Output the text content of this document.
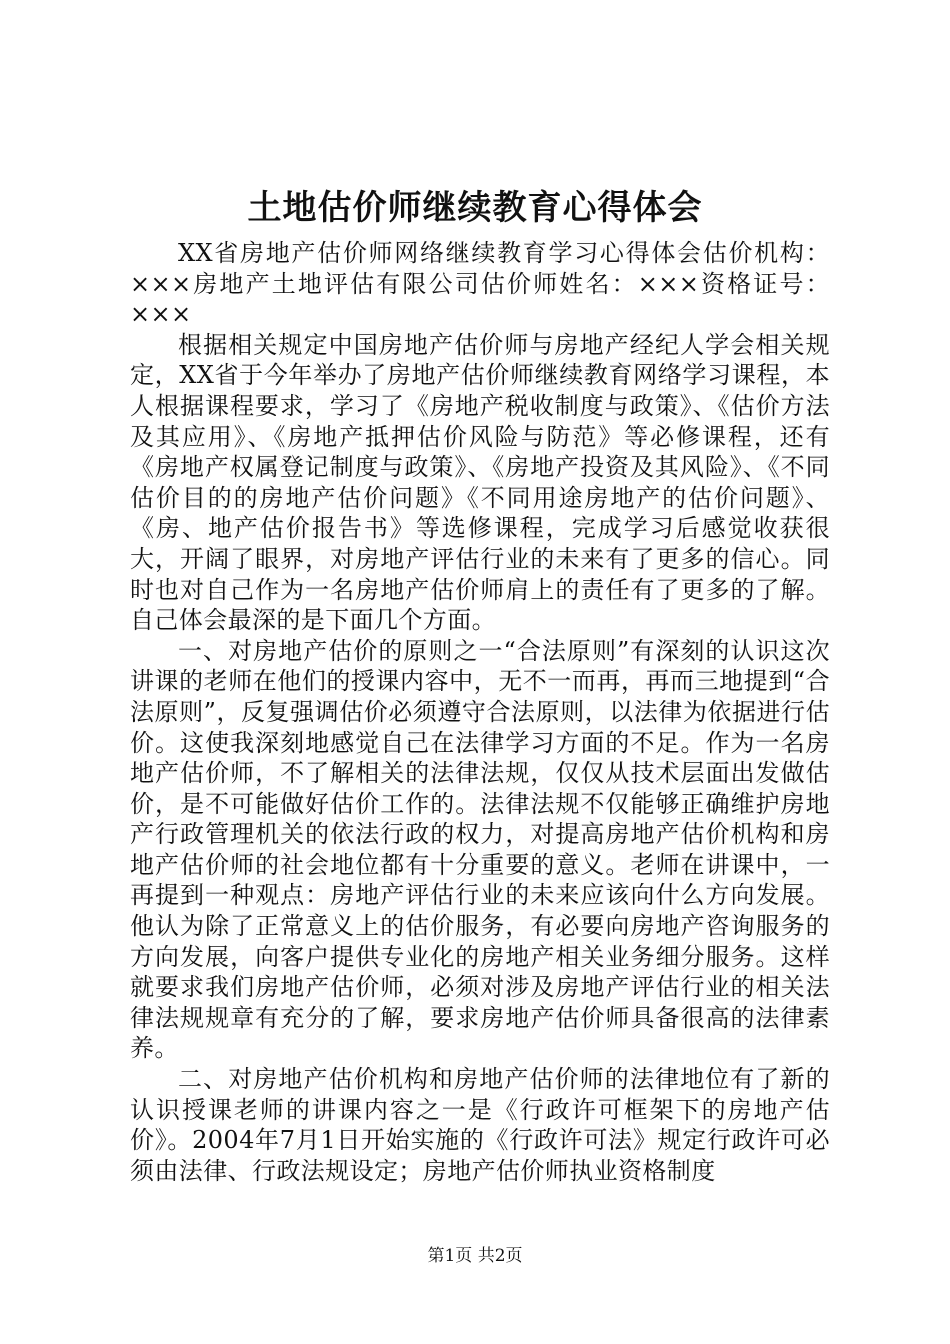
土地估价师继续教育心得体会

XX省房地产估价师网络继续教育学习心得体会估价机构：×××房地产土地评估有限公司估价师姓名：×××资格证号：×××

根据相关规定中国房地产估价师与房地产经纪人学会相关规定，XX省于今年举办了房地产估价师继续教育网络学习课程，本人根据课程要求，学习了《房地产税收制度与政策》、《估价方法及其应用》、《房地产抵押估价风险与防范》等必修课程，还有《房地产权属登记制度与政策》、《房地产投资及其风险》、《不同估价目的的房地产估价问题》《不同用途房地产的估价问题》、《房、地产估价报告书》等选修课程，完成学习后感觉收获很大，开阔了眼界，对房地产评估行业的未来有了更多的信心。同时也对自己作为一名房地产估价师肩上的责任有了更多的了解。自己体会最深的是下面几个方面。

一、对房地产估价的原则之一“合法原则”有深刻的认识这次讲课的老师在他们的授课内容中，无不一而再，再而三地提到“合法原则”，反复强调估价必须遵守合法原则，以法律为依据进行估价。这使我深刻地感觉自己在法律学习方面的不足。作为一名房地产估价师，不了解相关的法律法规，仅仅从技术层面出发做估价，是不可能做好估价工作的。法律法规不仅能够正确维护房地产行政管理机关的依法行政的权力，对提高房地产估价机构和房地产估价师的社会地位都有十分重要的意义。老师在讲课中，一再提到一种观点：房地产评估行业的未来应该向什么方向发展。他认为除了正常意义上的估价服务，有必要向房地产咨询服务的方向发展，向客户提供专业化的房地产相关业务细分服务。这样就要求我们房地产估价师，必须对涉及房地产评估行业的相关法律法规规章有充分的了解，要求房地产估价师具备很高的法律素养。

二、对房地产估价机构和房地产估价师的法律地位有了新的认识授课老师的讲课内容之一是《行政许可框架下的房地产估价》。2004年7月1日开始实施的《行政许可法》规定行政许可必须由法律、行政法规设定；房地产估价师执业资格制度

第1页 共2页
